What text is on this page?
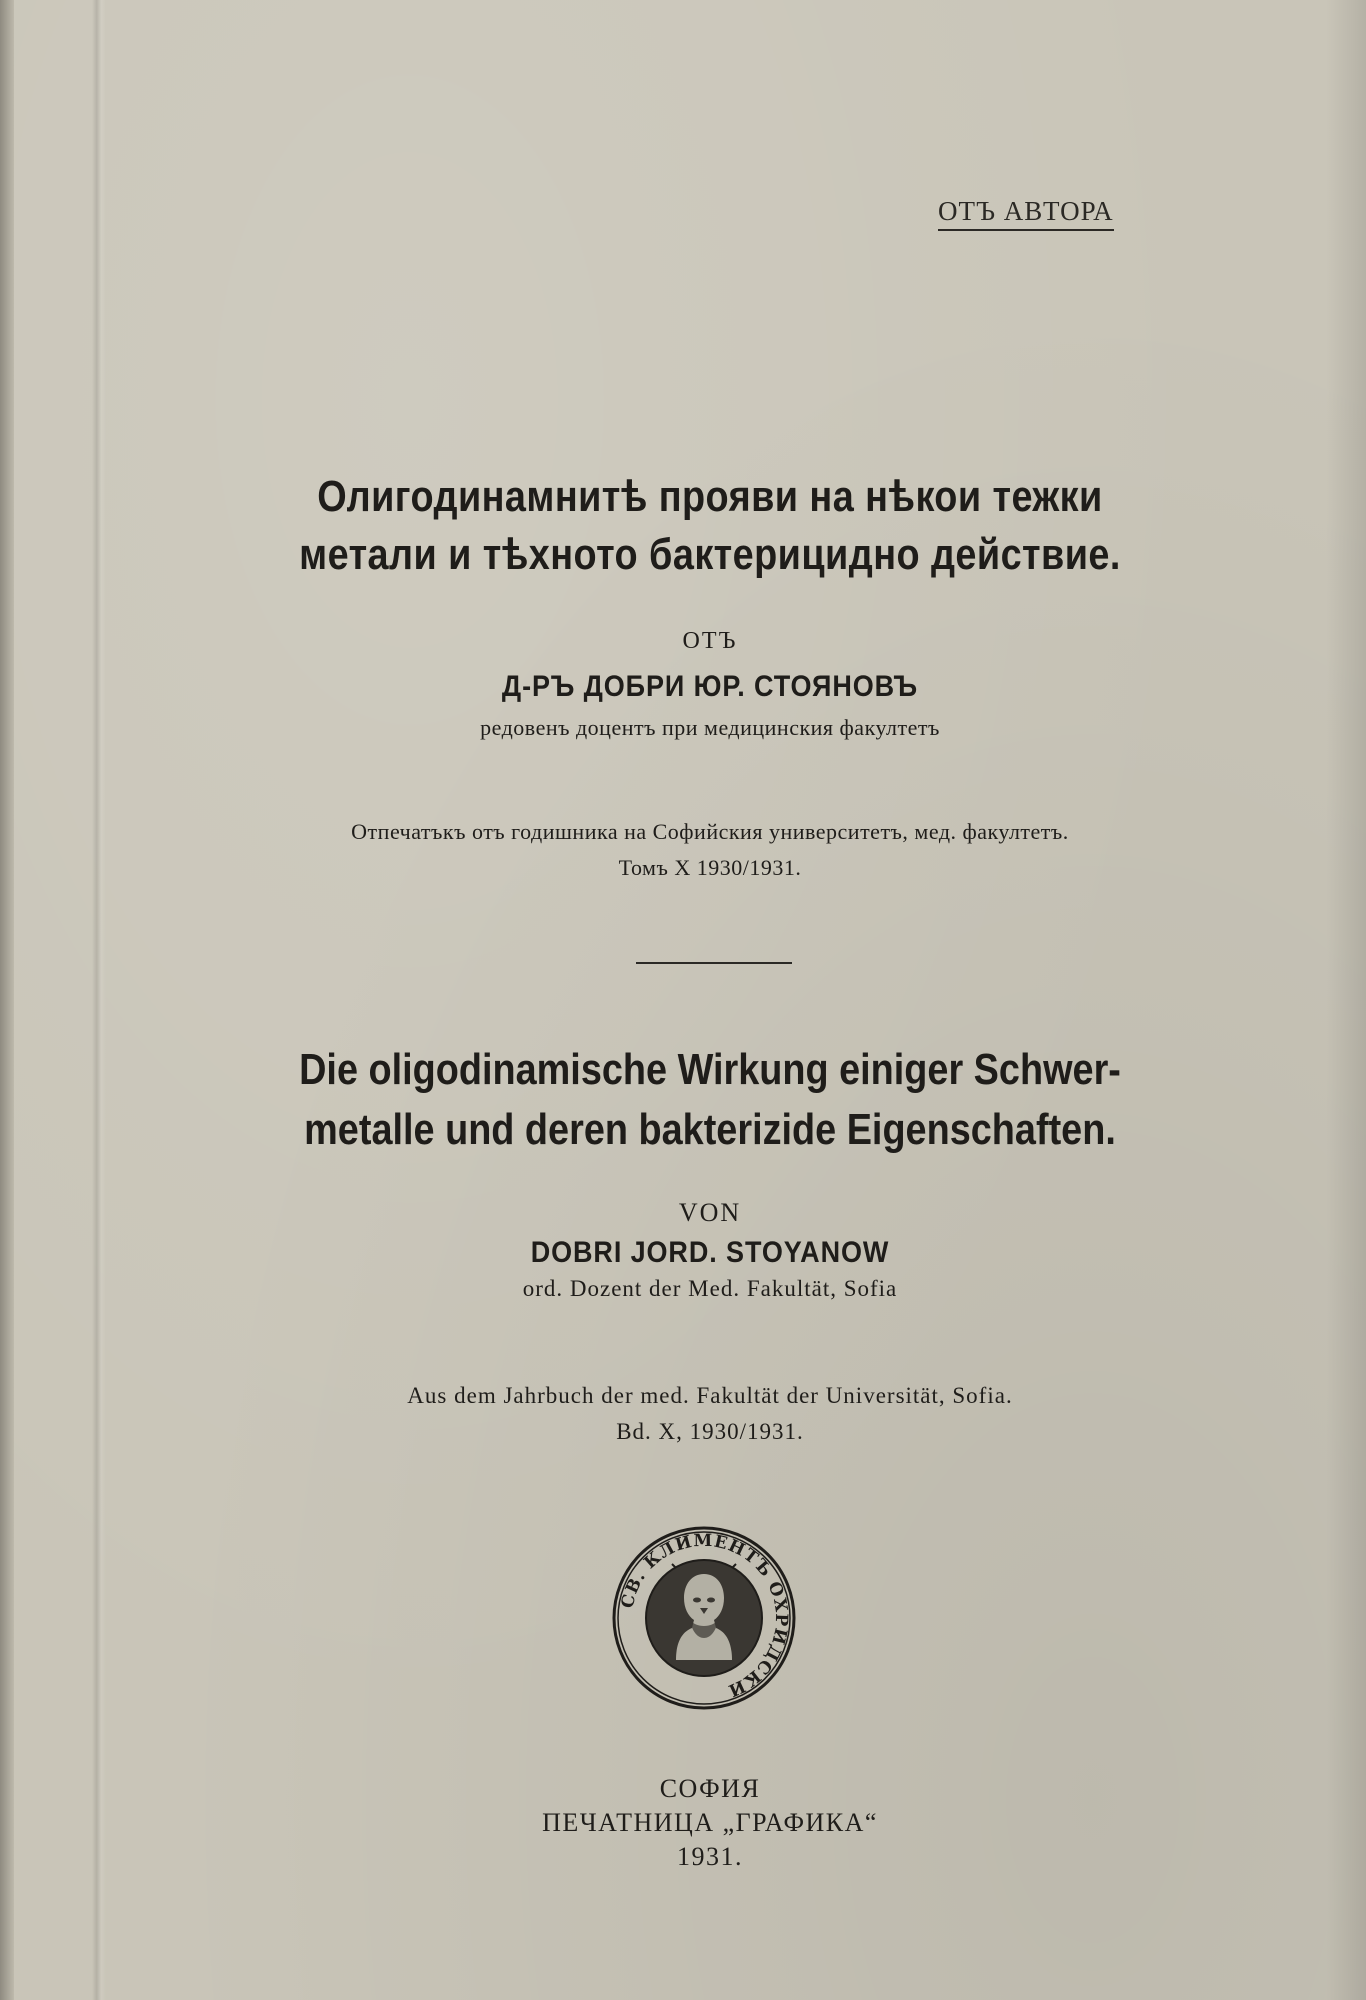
ОТЪ АВТОРА
Олигодинамнитѣ прояви на нѣкои тежки
метали и тѣхното бактерицидно действие.
ОТЪ
Д-РЪ ДОБРИ ЮР. СТОЯНОВЪ
редовенъ доцентъ при медицинския факултетъ
Отпечатъкъ отъ годишника на Софийския университетъ, мед. факултетъ.
Томъ X 1930/1931.
Die oligodinamische Wirkung einiger Schwer-
metalle und deren bakterizide Eigenschaften.
VON
DOBRI JORD. STOYANOW
ord. Dozent der Med. Fakultät, Sofia
Aus dem Jahrbuch der med. Fakultät der Universität, Sofia.
Bd. X, 1930/1931.
СВ. КЛИМЕНТЪ ОХРИДСКИ
СОФИЯ
ПЕЧАТНИЦА „ГРАФИКА“
1931.
